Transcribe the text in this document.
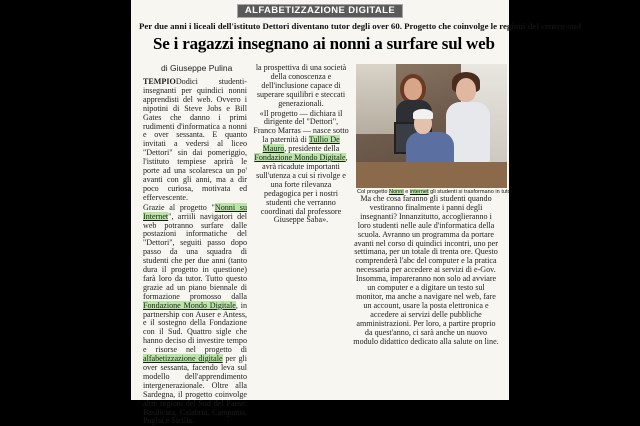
ALFABETIZZAZIONE DIGITALE
Per due anni i liceali dell'istituto Dettori diventano tutor degli over 60. Progetto che coinvolge le regioni del centro-sud
Se i ragazzi insegnano ai nonni a surfare sul web
di Giuseppe Pulina

TEMPIODodici studenti-insegnanti per quindici nonni apprendisti del web. Ovvero i nipotini di Steve Jobs e Bill Gates che danno i primi rudimenti d'informatica a nonni e over sessanta. E quanto invitati a vedersi al liceo "Dettori" sin dai pomeriggio, l'istituto tempiese aprirà le porte ad una scolaresca un po' avanti con gli anni, ma a dir poco curiosa, motivata ed effervescente.

Grazie al progetto "Nonni su Internet", arriili navigatori del web potranno surfare dalle postazioni informatiche del "Dettori", seguiti passo dopo passo da una squadra di studenti che per due anni (tanto dura il progetto in questione) farà loro da tutor. Tutto questo grazie ad un piano biennale di formazione promosso dalla Fondazione Mondo Digitale, in partnership con Auser e Antess, e il sostegno della Fondazione con il Sud. Quattro sigle che hanno deciso di investire tempo e risorse nel progetto di alfabetizzazione digitale per gli over sessanta, facendo leva sul modello dell'apprendimento intergenerazionale. Oltre alla Sardegna, il progetto coinvolge altre regioni del Sud del Paese: Basilicata, Calabria, Campania, Puglia e Sicilia.

la prospettiva di una società della conoscenza e dell'inclusione capace di superare squilibri e steccati generazionali.

«Il progetto — dichiara il dirigente del "Dettori", Franco Marras — nasce sotto la paternità di Tullio De Mauro, presidente della Fondazione Mondo Digitale, avrà ricadute importanti sull'utenza a cui si rivolge e una forte rilevanza pedagogica per i nostri studenti che verranno coordinati dal professore Giuseppe Saba».

Col progetto Nonni e internet gli studenti si trasformano in tutor

Ma che cosa faranno gli studenti quando vestiranno finalmente i panni degli insegnanti? Innanzitutto, accoglieranno i loro studenti nelle aule d'informatica della scuola. Avranno un programma da portare avanti nel corso di quindici incontri, uno per settimana, per un totale di trenta ore. Questo comprenderà l'abc del computer e la pratica necessaria per accedere ai servizi di e-Gov. Insomma, impareranno non solo ad avviare un computer e a digitare un testo sul monitor, ma anche a navigare nel web, fare un account, usare la posta elettronica e accedere ai servizi delle pubbliche amministrazioni. Per loro, a partire proprio da quest'anno, ci sarà anche un nuovo modulo didattico dedicato alla salute on line.
